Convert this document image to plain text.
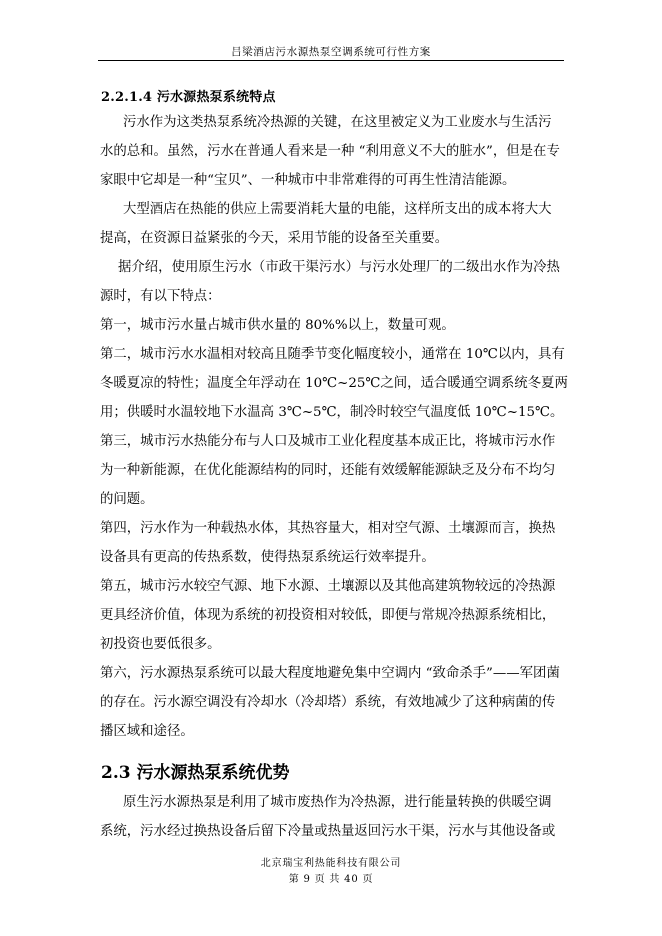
吕梁酒店污水源热泵空调系统可行性方案
2.2.1.4 污水源热泵系统特点
污水作为这类热泵系统冷热源的关键，在这里被定义为工业废水与生活污
水的总和。虽然，污水在普通人看来是一种 “利用意义不大的脏水”，但是在专
家眼中它却是一种“宝贝”、一种城市中非常难得的可再生性清洁能源。
大型酒店在热能的供应上需要消耗大量的电能，这样所支出的成本将大大
提高，在资源日益紧张的今天，采用节能的设备至关重要。
据介绍，使用原生污水（市政干渠污水）与污水处理厂的二级出水作为冷热
源时，有以下特点：
第一，城市污水量占城市供水量的 80%%以上，数量可观。
第二，城市污水水温相对较高且随季节变化幅度较小，通常在 10℃以内，具有
冬暖夏凉的特性；温度全年浮动在 10℃~25℃之间，适合暖通空调系统冬夏两
用；供暖时水温较地下水温高 3℃~5℃，制冷时较空气温度低 10℃~15℃。
第三，城市污水热能分布与人口及城市工业化程度基本成正比，将城市污水作
为一种新能源，在优化能源结构的同时，还能有效缓解能源缺乏及分布不均匀
的问题。
第四，污水作为一种载热水体，其热容量大，相对空气源、土壤源而言，换热
设备具有更高的传热系数，使得热泵系统运行效率提升。
第五，城市污水较空气源、地下水源、土壤源以及其他高建筑物较远的冷热源
更具经济价值，体现为系统的初投资相对较低，即便与常规冷热源系统相比，
初投资也要低很多。
第六，污水源热泵系统可以最大程度地避免集中空调内 “致命杀手”——军团菌
的存在。污水源空调没有冷却水（冷却塔）系统，有效地减少了这种病菌的传
播区域和途径。
2.3 污水源热泵系统优势
原生污水源热泵是利用了城市废热作为冷热源，进行能量转换的供暖空调
系统，污水经过换热设备后留下冷量或热量返回污水干渠，污水与其他设备或
北京瑞宝利热能科技有限公司
第 9 页 共 40 页
